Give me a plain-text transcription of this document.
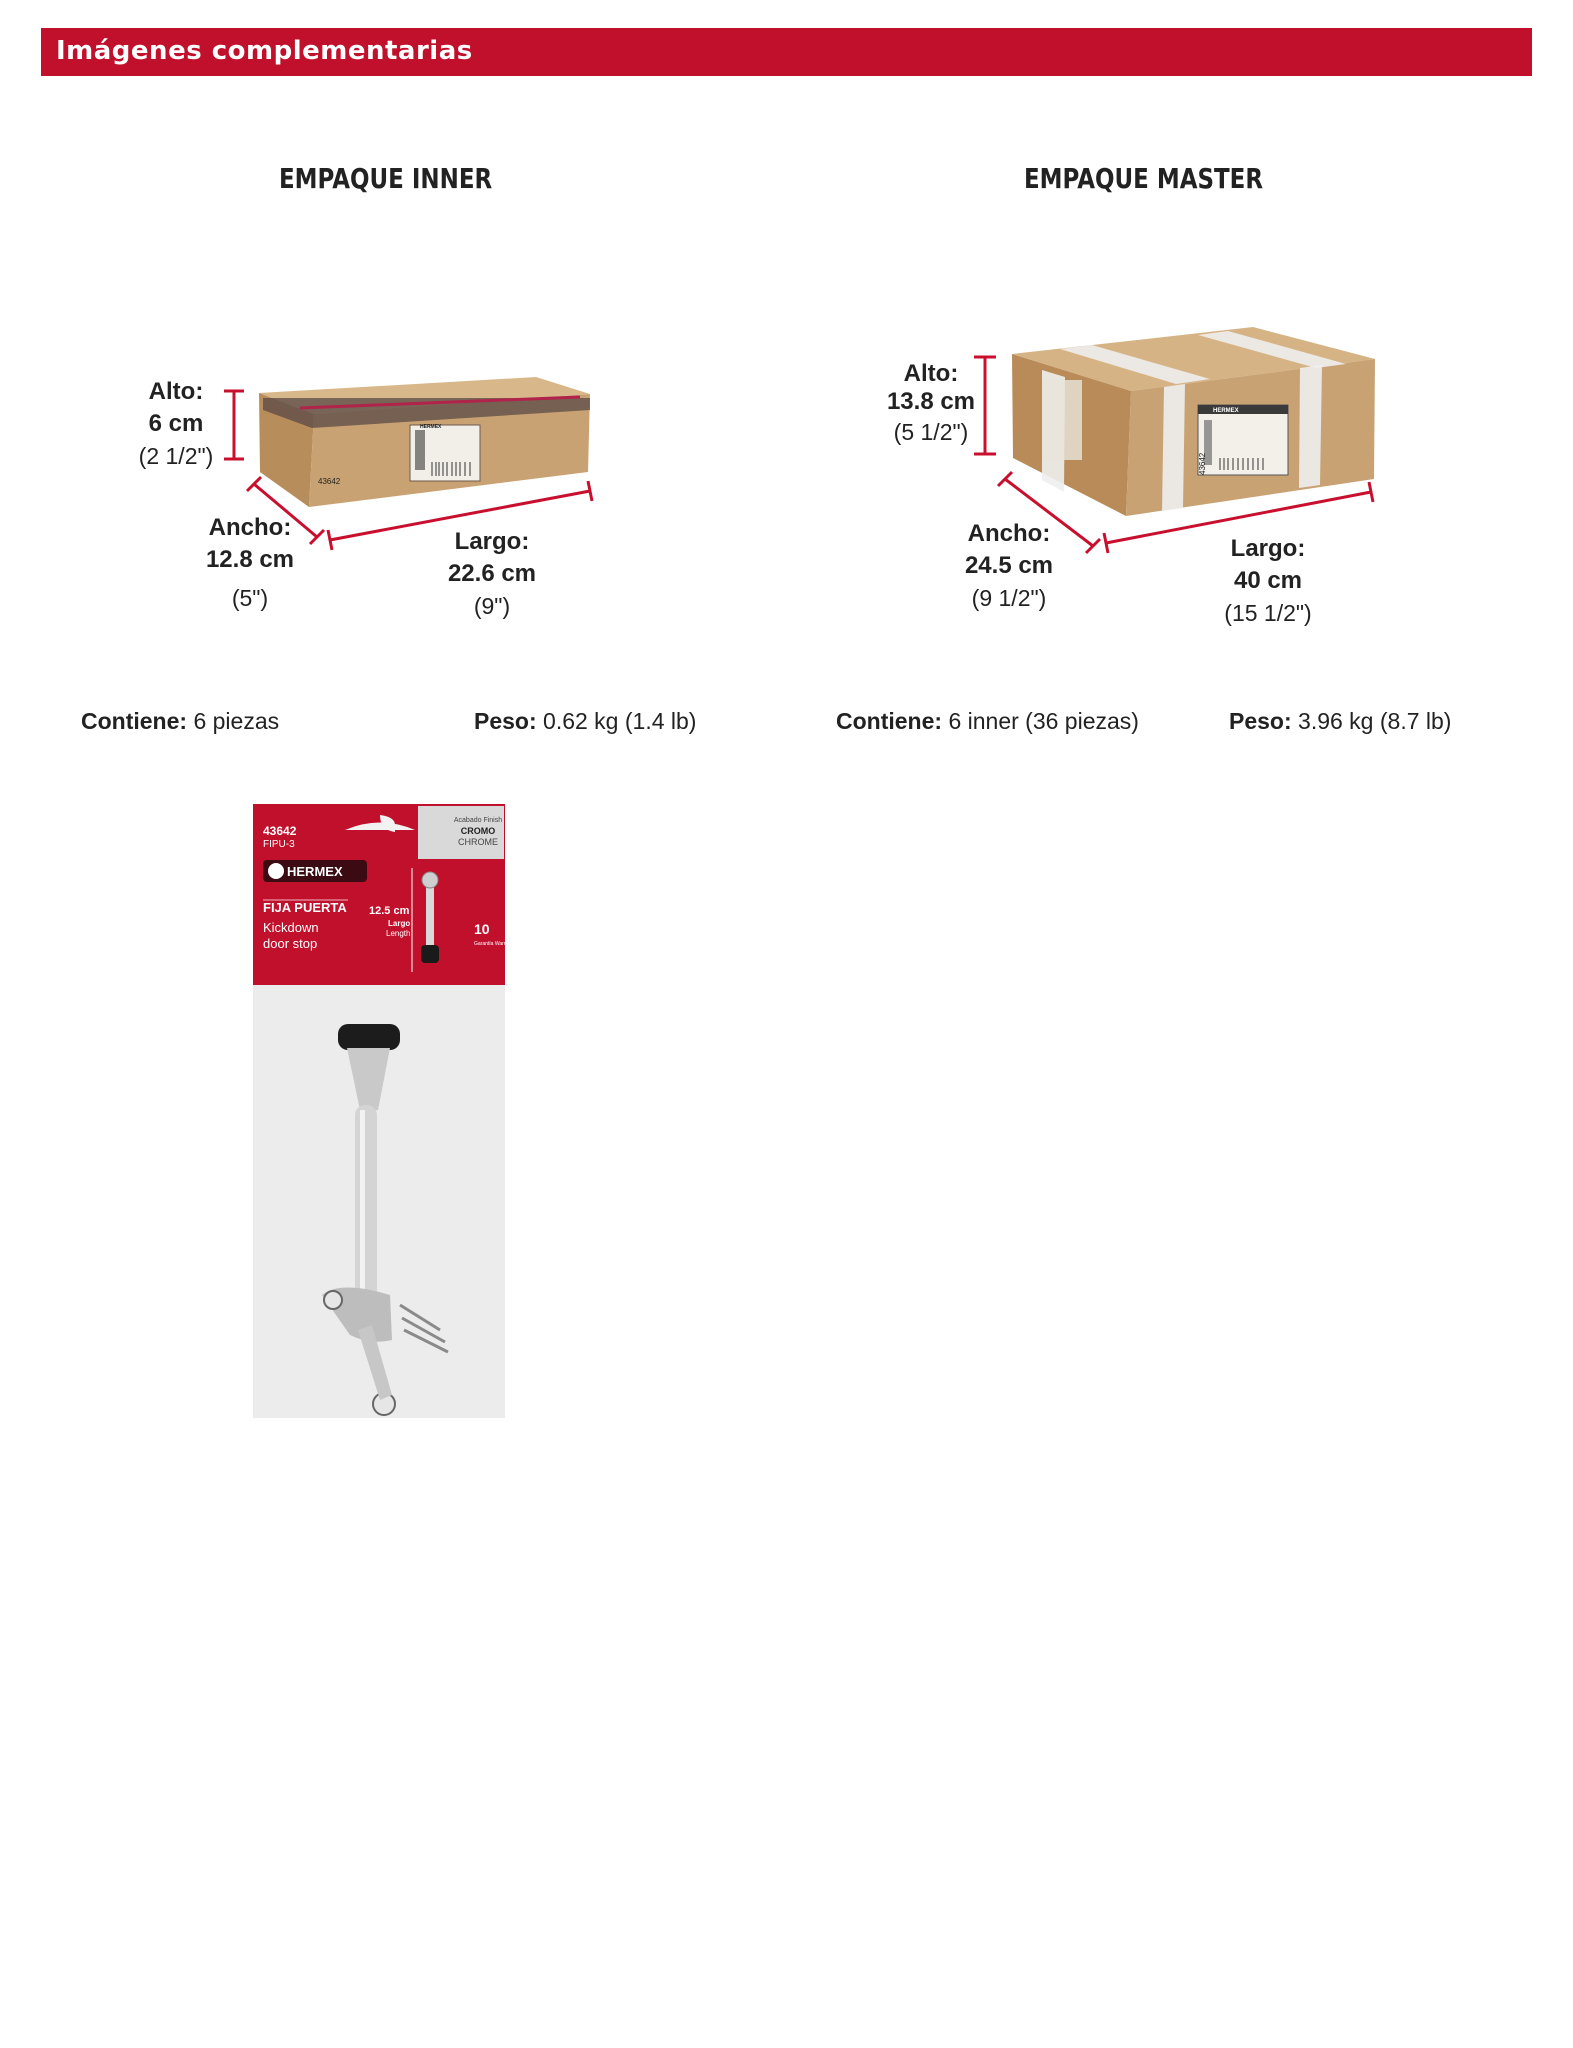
Imágenes complementarias
EMPAQUE INNER	EMPAQUE MASTER
43642
FIPU-3
Acabado Finish
CROMO
CHROME
HERMEX
FIJA PUERTA
Kickdown
door stop
12.5 cm
Largo
Length	10
Garantía Warranty
43642
HERMEX
43642
HERMEX
Alto:
6 cm
(2 1/2")
Ancho:
12.8 cm
(5")
Largo:
22.6 cm
(9")
Alto:
13.8 cm
(5 1/2")
Ancho:
24.5 cm
(9 1/2")
Largo:
40 cm
(15 1/2")
Contiene: 6 piezas	Peso: 0.62 kg (1.4 lb)	Contiene: 6 inner (36 piezas)	Peso: 3.96 kg (8.7 lb)
